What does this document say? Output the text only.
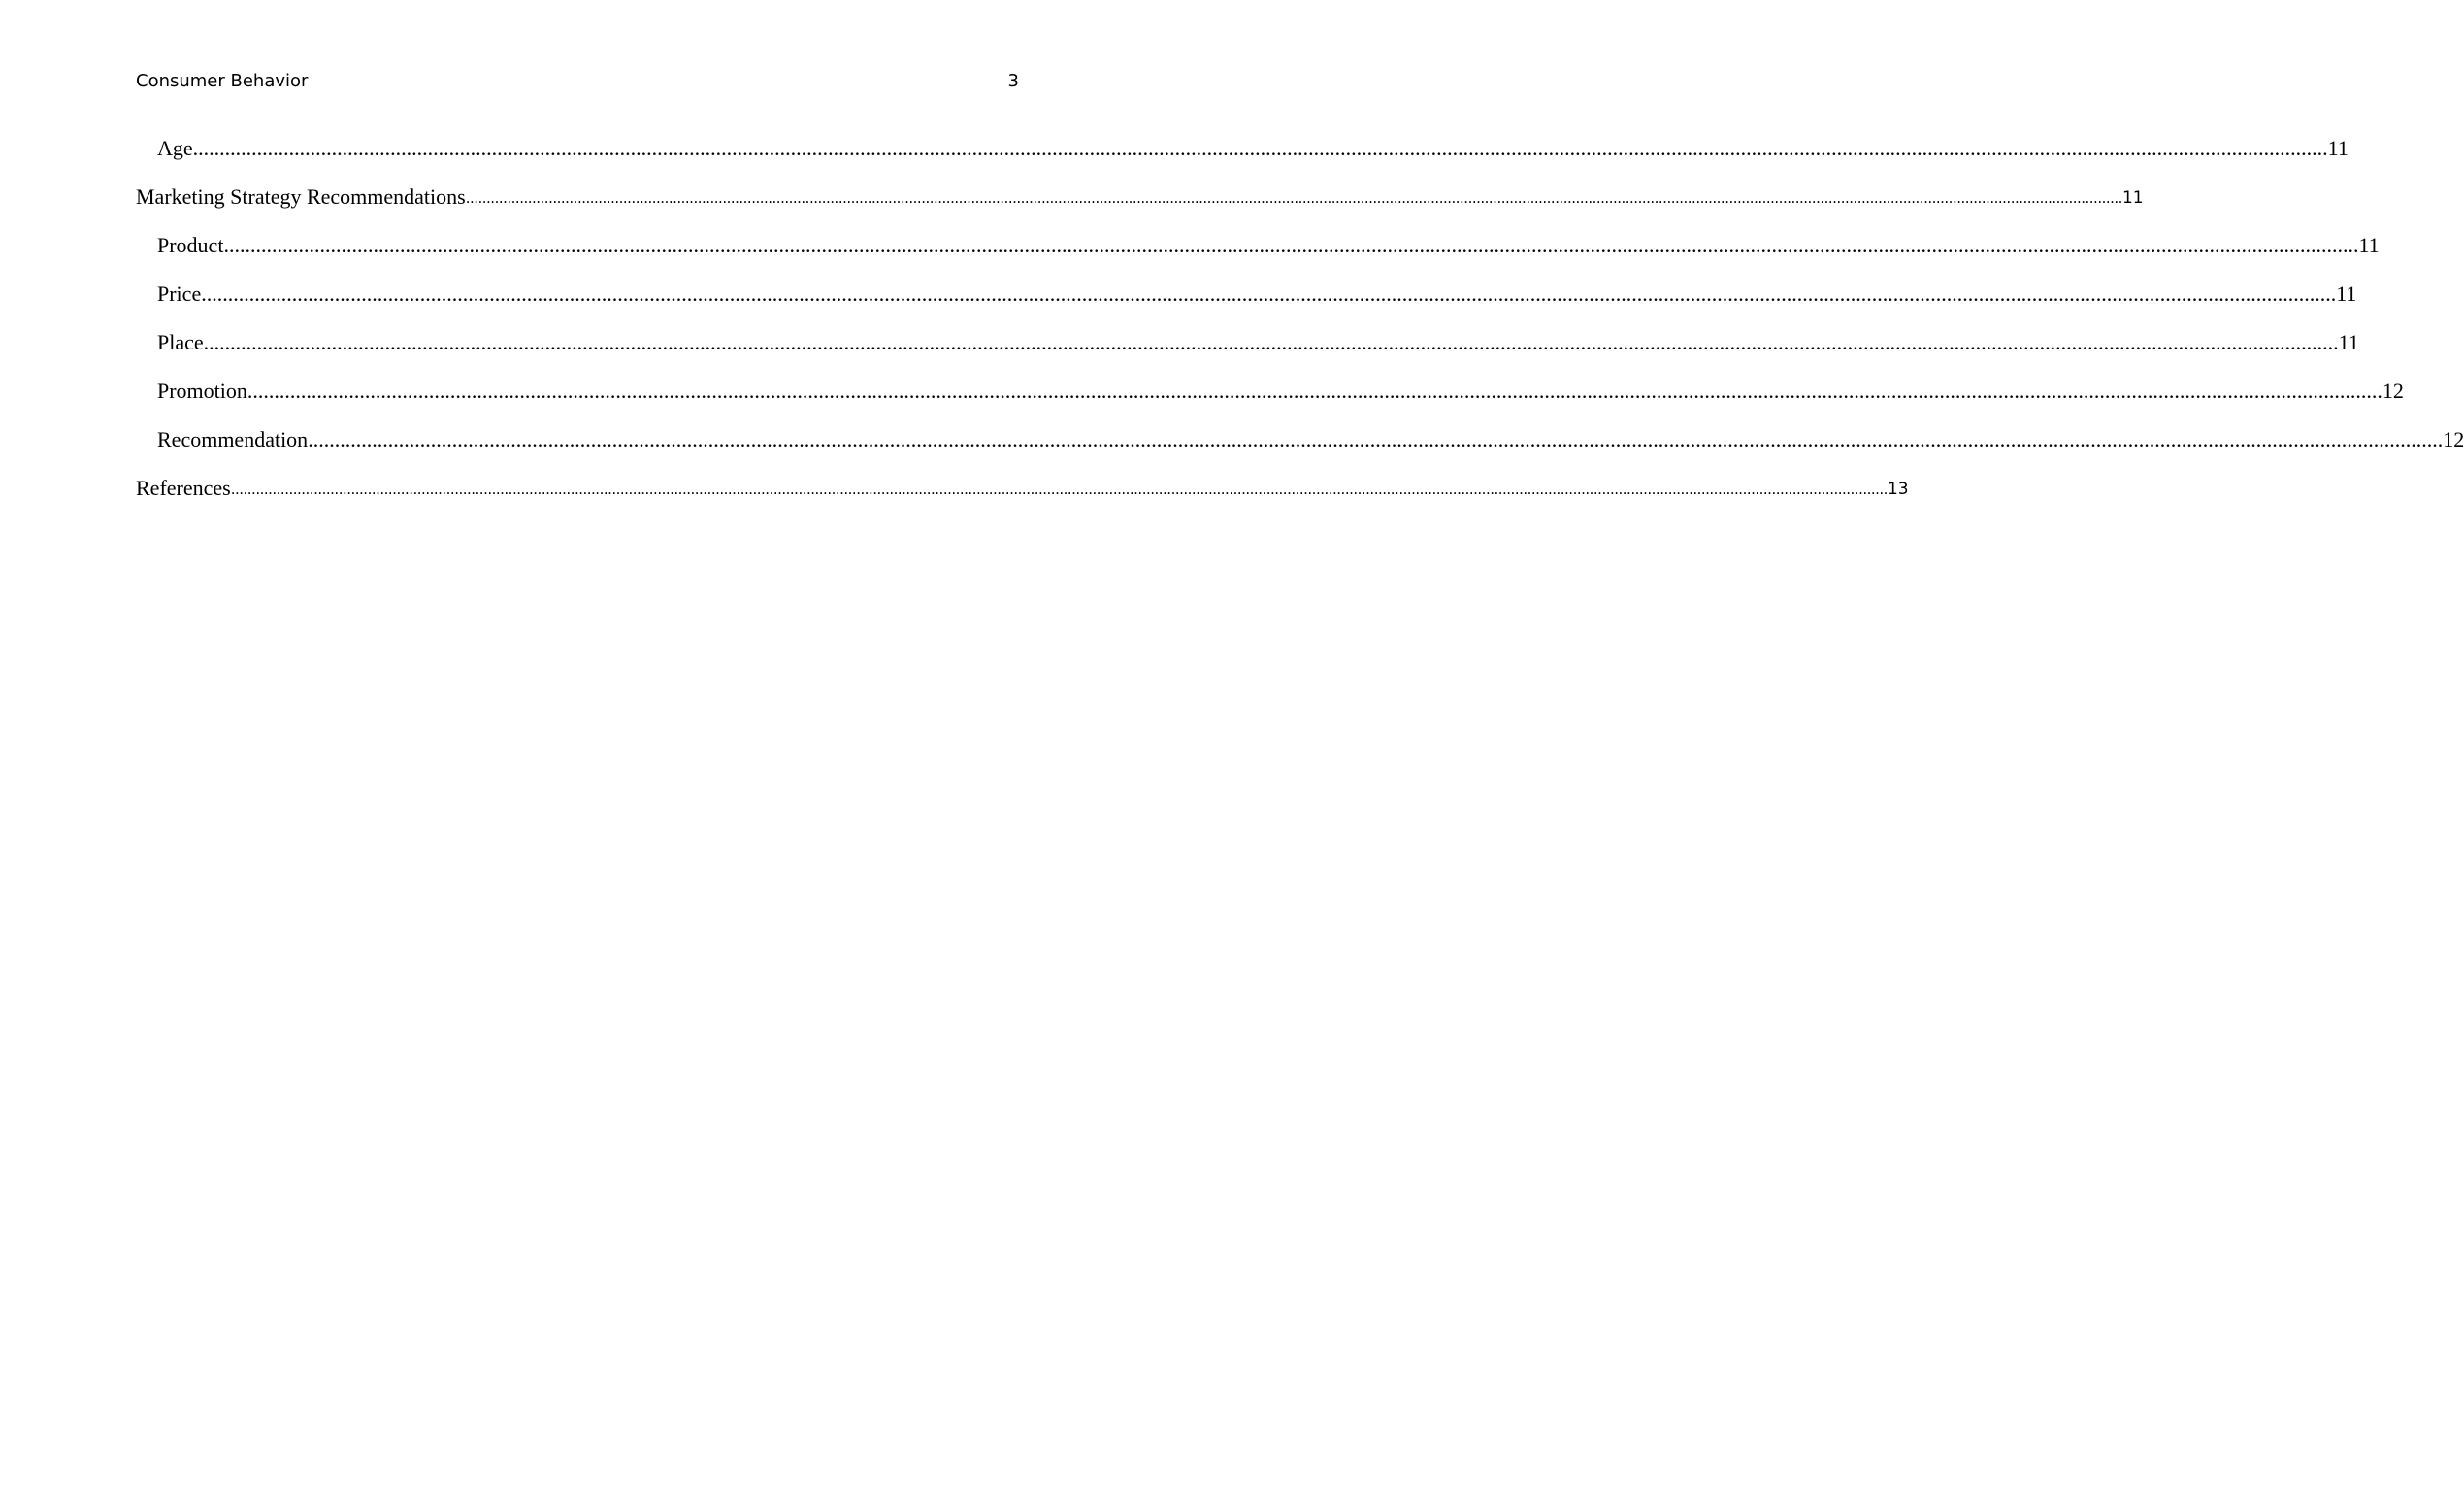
Consumer Behavior	3
Age ................................................................................................................................................................................................................................................................................................................................................................................................................ 11
Marketing Strategy Recommendations ................................................................................................................................................................................................................................................................................................................................................................................................................ 11
Product ................................................................................................................................................................................................................................................................................................................................................................................................................ 11
Price ................................................................................................................................................................................................................................................................................................................................................................................................................ 11
Place ................................................................................................................................................................................................................................................................................................................................................................................................................ 11
Promotion ................................................................................................................................................................................................................................................................................................................................................................................................................ 12
Recommendation ................................................................................................................................................................................................................................................................................................................................................................................................................ 12
References ................................................................................................................................................................................................................................................................................................................................................................................................................ 13
